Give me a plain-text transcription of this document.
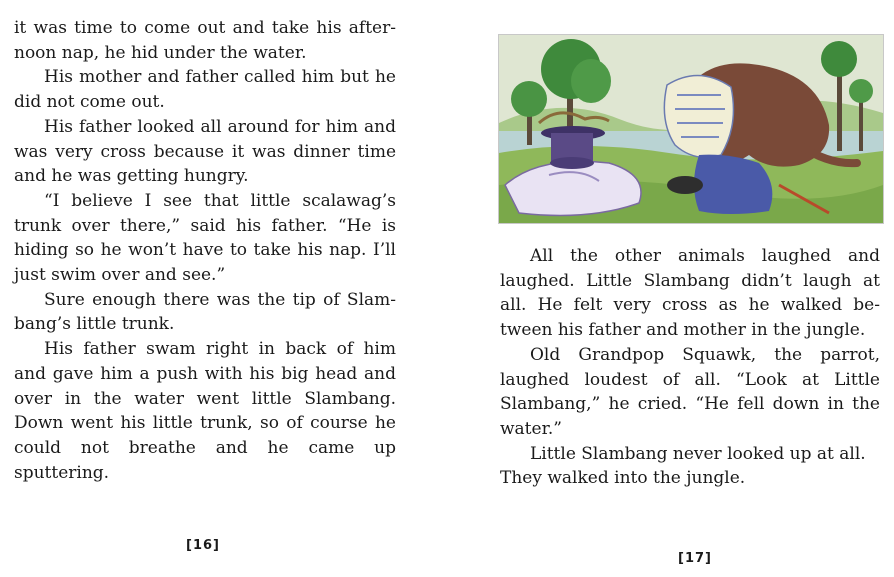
it was time to come out and take his after-noon nap, he hid under the water.

His mother and father called him but he did not come out.

His father looked all around for him and was very cross because it was dinner time and he was getting hungry.

“I believe I see that little scalawag’s trunk over there,” said his father. “He is hiding so he won’t have to take his nap. I’ll just swim over and see.”

Sure enough there was the tip of Slam-bang’s little trunk.

His father swam right in back of him and gave him a push with his big head and over in the water went little Slambang. Down went his little trunk, so of course he could not breathe and he came up sputtering.

[16]

All the other animals laughed and laughed. Little Slambang didn’t laugh at all. He felt very cross as he walked be-tween his father and mother in the jungle.

Old Grandpop Squawk, the parrot, laughed loudest of all. “Look at Little Slambang,” he cried. “He fell down in the water.”

Little Slambang never looked up at all. They walked into the jungle.

[17]
